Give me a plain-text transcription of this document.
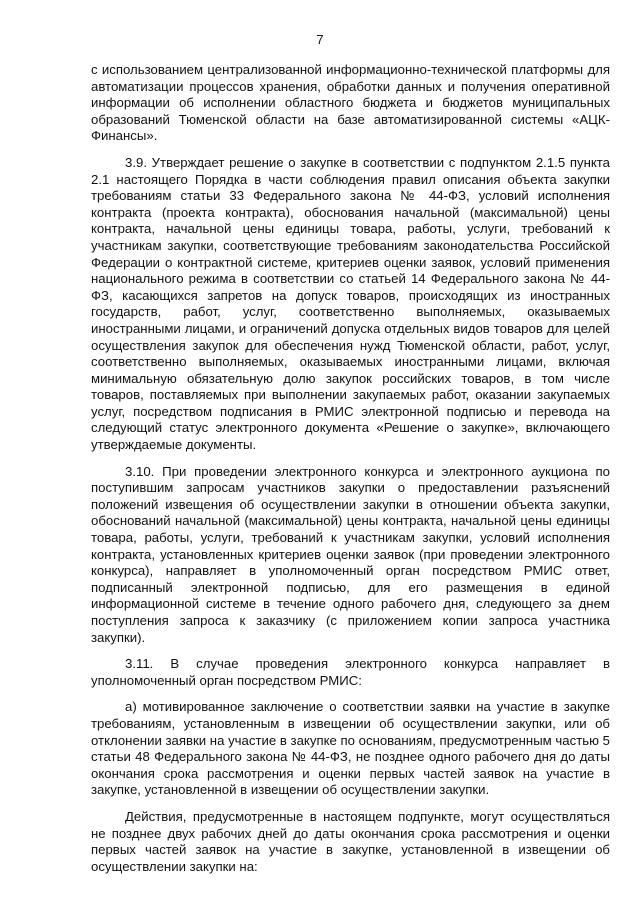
7

с использованием централизованной информационно-технической платформы для автоматизации процессов хранения, обработки данных и получения оперативной информации об исполнении областного бюджета и бюджетов муниципальных образований Тюменской области на базе автоматизированной системы «АЦК-Финансы».

3.9. Утверждает решение о закупке в соответствии с подпунктом 2.1.5 пункта 2.1 настоящего Порядка в части соблюдения правил описания объекта закупки требованиям статьи 33 Федерального закона № 44-ФЗ, условий исполнения контракта (проекта контракта), обоснования начальной (максимальной) цены контракта, начальной цены единицы товара, работы, услуги, требований к участникам закупки, соответствующие требованиям законодательства Российской Федерации о контрактной системе, критериев оценки заявок, условий применения национального режима в соответствии со статьей 14 Федерального закона № 44-ФЗ, касающихся запретов на допуск товаров, происходящих из иностранных государств, работ, услуг, соответственно выполняемых, оказываемых иностранными лицами, и ограничений допуска отдельных видов товаров для целей осуществления закупок для обеспечения нужд Тюменской области, работ, услуг, соответственно выполняемых, оказываемых иностранными лицами, включая минимальную обязательную долю закупок российских товаров, в том числе товаров, поставляемых при выполнении закупаемых работ, оказании закупаемых услуг, посредством подписания в РМИС электронной подписью и перевода на следующий статус электронного документа «Решение о закупке», включающего утверждаемые документы.

3.10. При проведении электронного конкурса и электронного аукциона по поступившим запросам участников закупки о предоставлении разъяснений положений извещения об осуществлении закупки в отношении объекта закупки, обоснований начальной (максимальной) цены контракта, начальной цены единицы товара, работы, услуги, требований к участникам закупки, условий исполнения контракта, установленных критериев оценки заявок (при проведении электронного конкурса), направляет в уполномоченный орган посредством РМИС ответ, подписанный электронной подписью, для его размещения в единой информационной системе в течение одного рабочего дня, следующего за днем поступления запроса к заказчику (с приложением копии запроса участника закупки).

3.11. В случае проведения электронного конкурса направляет в уполномоченный орган посредством РМИС:

а) мотивированное заключение о соответствии заявки на участие в закупке требованиям, установленным в извещении об осуществлении закупки, или об отклонении заявки на участие в закупке по основаниям, предусмотренным частью 5 статьи 48 Федерального закона № 44-ФЗ, не позднее одного рабочего дня до даты окончания срока рассмотрения и оценки первых частей заявок на участие в закупке, установленной в извещении об осуществлении закупки.

Действия, предусмотренные в настоящем подпункте, могут осуществляться не позднее двух рабочих дней до даты окончания срока рассмотрения и оценки первых частей заявок на участие в закупке, установленной в извещении об осуществлении закупки на:
